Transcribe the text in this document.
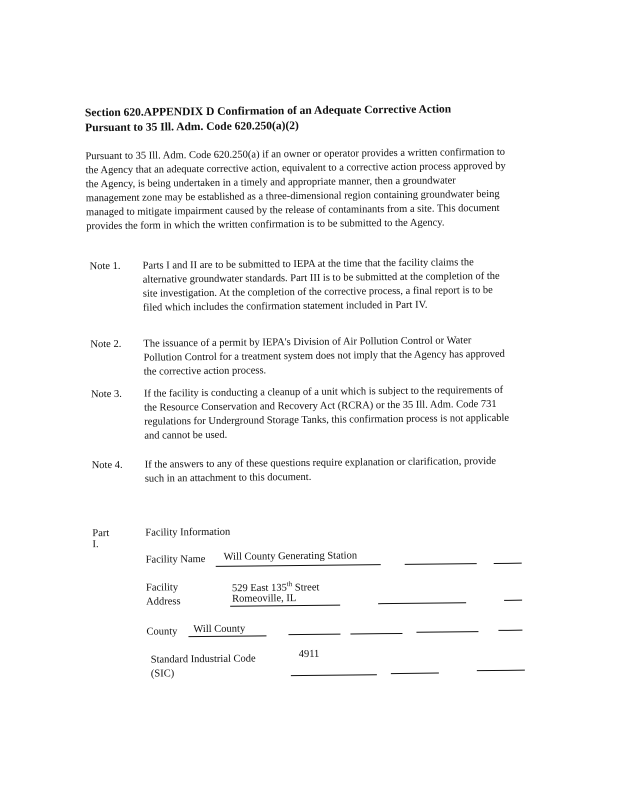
Section 620.APPENDIX D Confirmation of an Adequate Corrective Action
Pursuant to 35 Ill. Adm. Code 620.250(a)(2)
Pursuant to 35 Ill. Adm. Code 620.250(a) if an owner or operator provides a written confirmation to the Agency that an adequate corrective action, equivalent to a corrective action process approved by the Agency, is being undertaken in a timely and appropriate manner, then a groundwater management zone may be established as a three-dimensional region containing groundwater being managed to mitigate impairment caused by the release of contaminants from a site. This document provides the form in which the written confirmation is to be submitted to the Agency.
Note 1.	Parts I and II are to be submitted to IEPA at the time that the facility claims the alternative groundwater standards. Part III is to be submitted at the completion of the site investigation. At the completion of the corrective process, a final report is to be filed which includes the confirmation statement included in Part IV.
Note 2.	The issuance of a permit by IEPA's Division of Air Pollution Control or Water Pollution Control for a treatment system does not imply that the Agency has approved the corrective action process.
Note 3.	If the facility is conducting a cleanup of a unit which is subject to the requirements of the Resource Conservation and Recovery Act (RCRA) or the 35 Ill. Adm. Code 731 regulations for Underground Storage Tanks, this confirmation process is not applicable and cannot be used.
Note 4.	If the answers to any of these questions require explanation or clarification, provide such in an attachment to this document.
Part I.
Facility Information
Facility Name Will County Generating Station
Facility
Address
529 East 135th Street
Romeoville, IL
County Will County
Standard Industrial Code
(SIC)
4911
